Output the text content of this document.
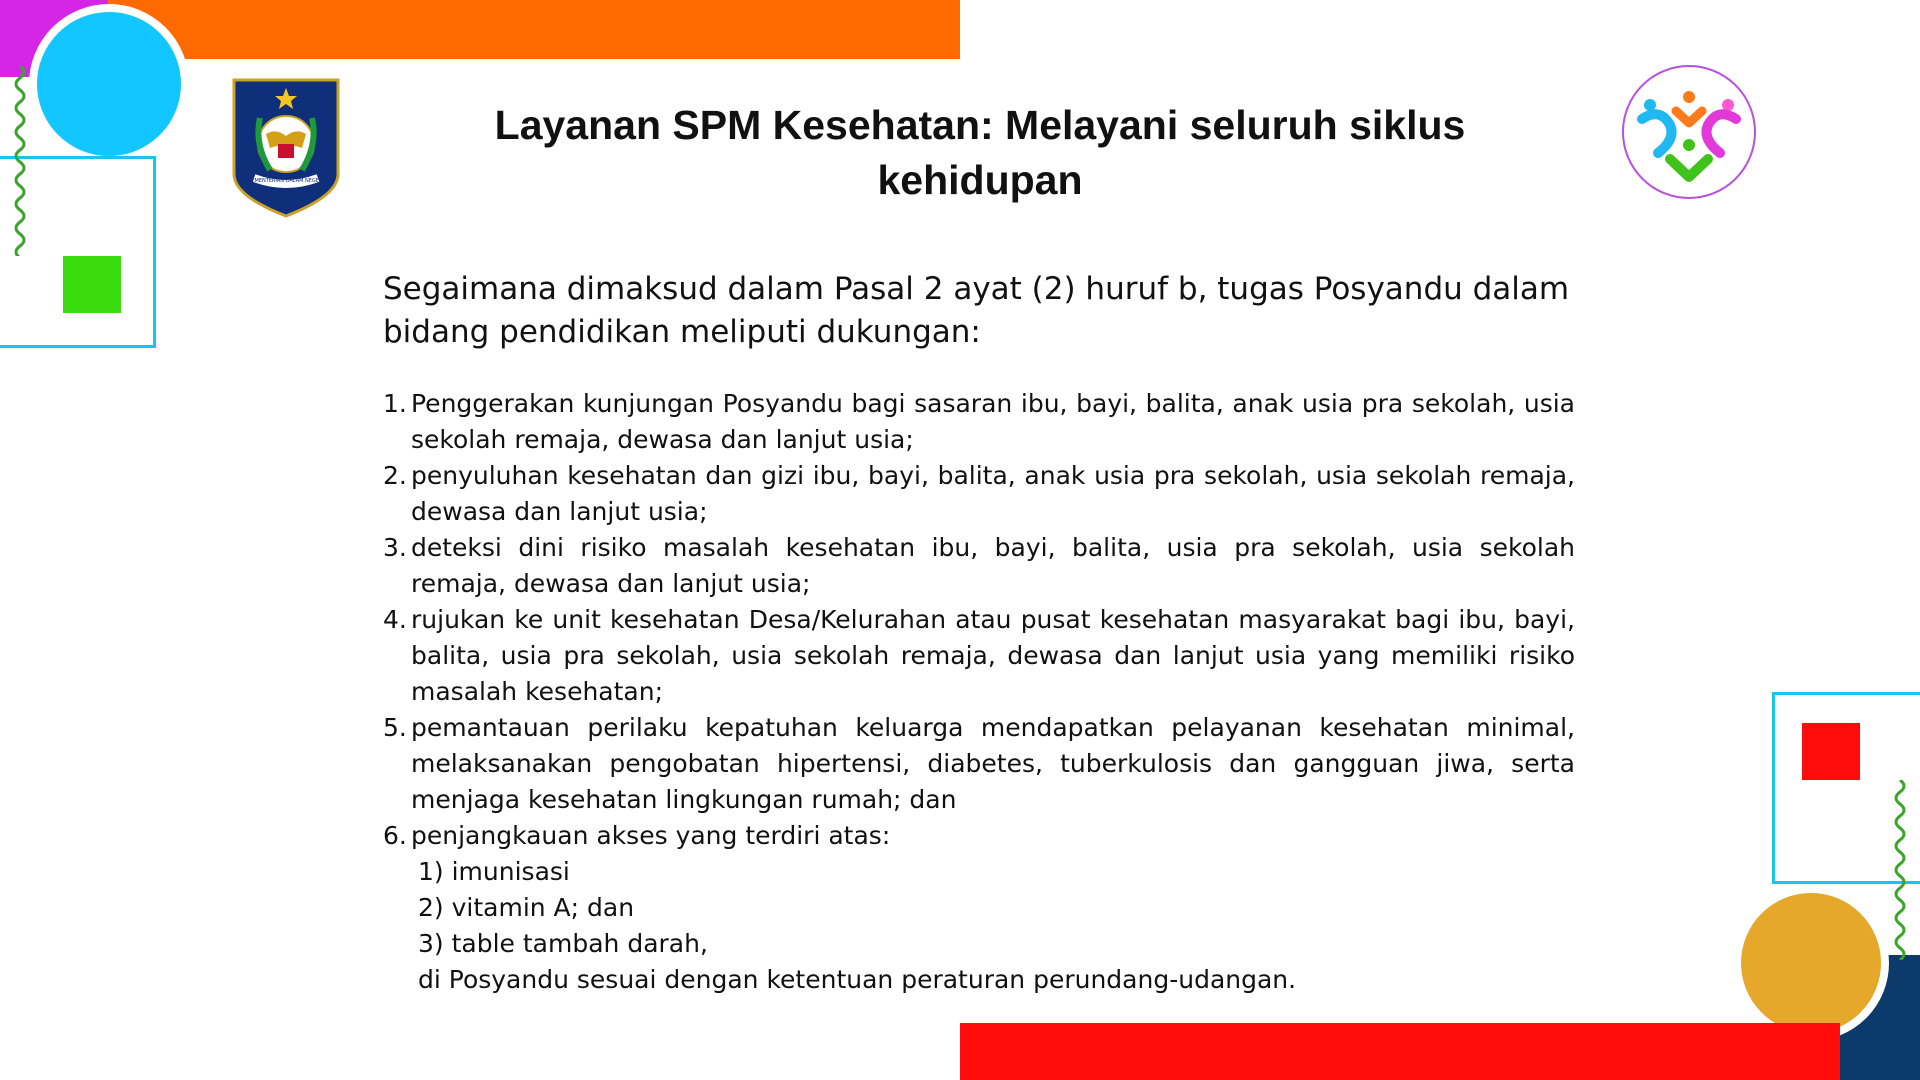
KEMENTERIAN DALAM NEGERI
Layanan SPM Kesehatan: Melayani seluruh siklus kehidupan

Segaimana dimaksud dalam Pasal 2 ayat (2) huruf b, tugas Posyandu dalam bidang pendidikan meliputi dukungan:

1. Penggerakan kunjungan Posyandu bagi sasaran ibu, bayi, balita, anak usia pra sekolah, usia sekolah remaja, dewasa dan lanjut usia;
2. penyuluhan kesehatan dan gizi ibu, bayi, balita, anak usia pra sekolah, usia sekolah remaja, dewasa dan lanjut usia;
3. deteksi dini risiko masalah kesehatan ibu, bayi, balita, usia pra sekolah, usia sekolah remaja, dewasa dan lanjut usia;
4. rujukan ke unit kesehatan Desa/Kelurahan atau pusat kesehatan masyarakat bagi ibu, bayi, balita, usia pra sekolah, usia sekolah remaja, dewasa dan lanjut usia yang memiliki risiko masalah kesehatan;
5. pemantauan perilaku kepatuhan keluarga mendapatkan pelayanan kesehatan minimal, melaksanakan pengobatan hipertensi, diabetes, tuberkulosis dan gangguan jiwa, serta menjaga kesehatan lingkungan rumah; dan
6. penjangkauan akses yang terdiri atas:
1) imunisasi
2) vitamin A; dan
3) table tambah darah,
di Posyandu sesuai dengan ketentuan peraturan perundang-udangan.
